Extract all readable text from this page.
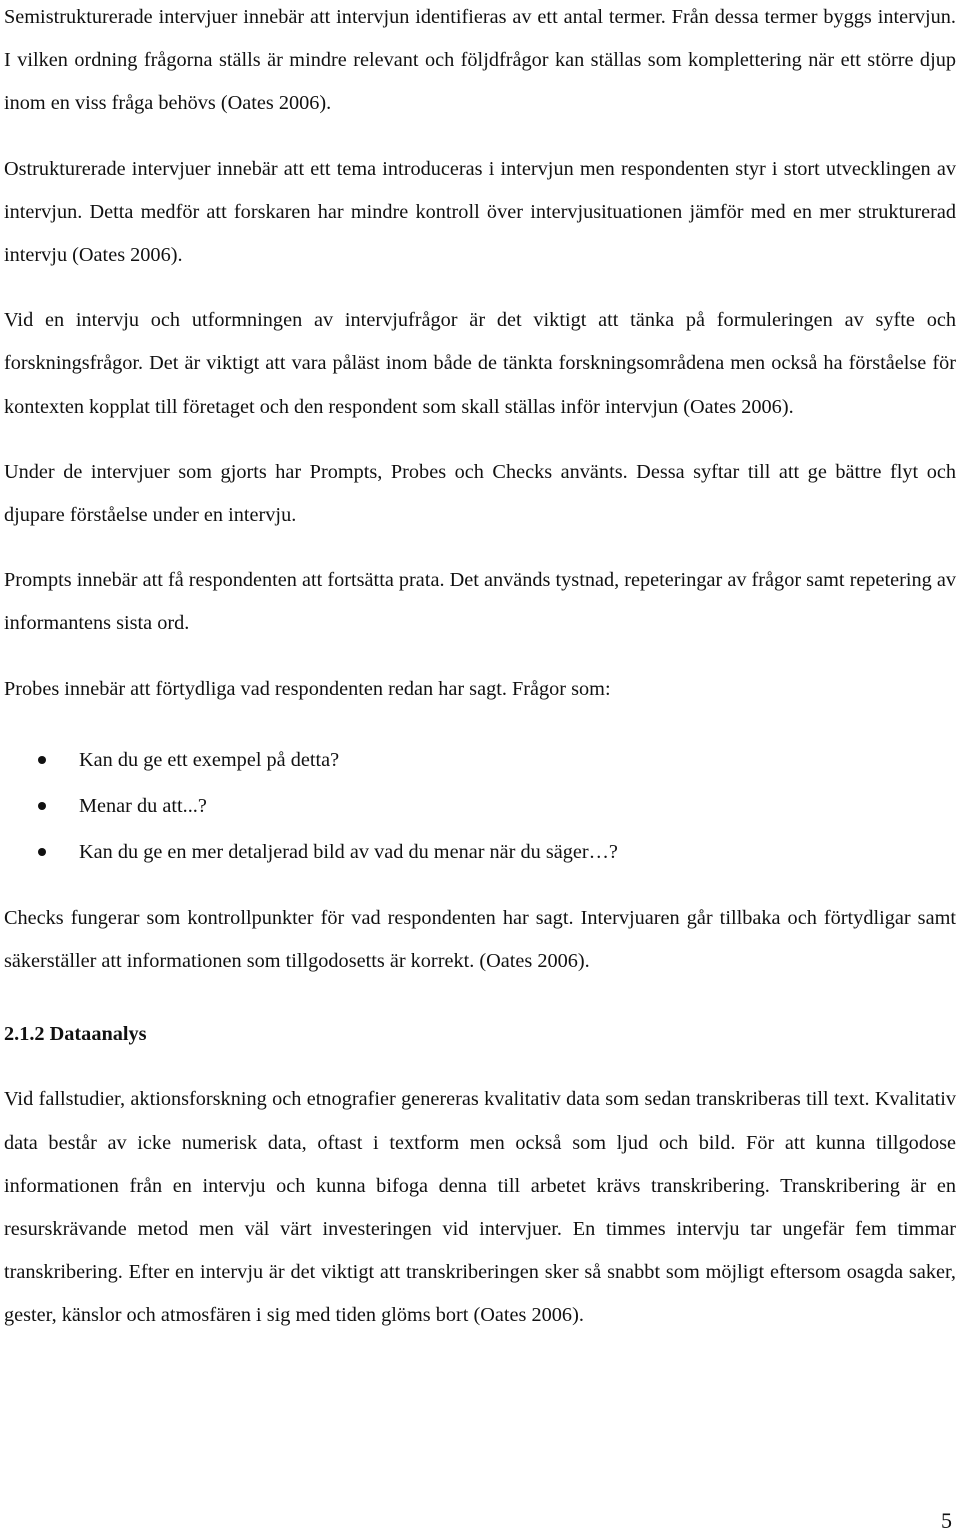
Semistrukturerade intervjuer innebär att intervjun identifieras av ett antal termer. Från dessa termer byggs intervjun. I vilken ordning frågorna ställs är mindre relevant och följdfrågor kan ställas som komplettering när ett större djup inom en viss fråga behövs (Oates 2006).

Ostrukturerade intervjuer innebär att ett tema introduceras i intervjun men respondenten styr i stort utvecklingen av intervjun. Detta medför att forskaren har mindre kontroll över intervjusituationen jämför med en mer strukturerad intervju (Oates 2006).

Vid en intervju och utformningen av intervjufrågor är det viktigt att tänka på formuleringen av syfte och forskningsfrågor. Det är viktigt att vara påläst inom både de tänkta forskningsområdena men också ha förståelse för kontexten kopplat till företaget och den respondent som skall ställas inför intervjun (Oates 2006).

Under de intervjuer som gjorts har Prompts, Probes och Checks använts. Dessa syftar till att ge bättre flyt och djupare förståelse under en intervju.

Prompts innebär att få respondenten att fortsätta prata. Det används tystnad, repeteringar av frågor samt repetering av informantens sista ord.

Probes innebär att förtydliga vad respondenten redan har sagt. Frågor som:

Kan du ge ett exempel på detta?
Menar du att...?
Kan du ge en mer detaljerad bild av vad du menar när du säger…?

Checks fungerar som kontrollpunkter för vad respondenten har sagt. Intervjuaren går tillbaka och förtydligar samt säkerställer att informationen som tillgodosetts är korrekt. (Oates 2006).

2.1.2 Dataanalys

Vid fallstudier, aktionsforskning och etnografier genereras kvalitativ data som sedan transkriberas till text. Kvalitativ data består av icke numerisk data, oftast i textform men också som ljud och bild. För att kunna tillgodose informationen från en intervju och kunna bifoga denna till arbetet krävs transkribering. Transkribering är en resurskrävande metod men väl värt investeringen vid intervjuer. En timmes intervju tar ungefär fem timmar transkribering. Efter en intervju är det viktigt att transkriberingen sker så snabbt som möjligt eftersom osagda saker, gester, känslor och atmosfären i sig med tiden glöms bort (Oates 2006).

5
